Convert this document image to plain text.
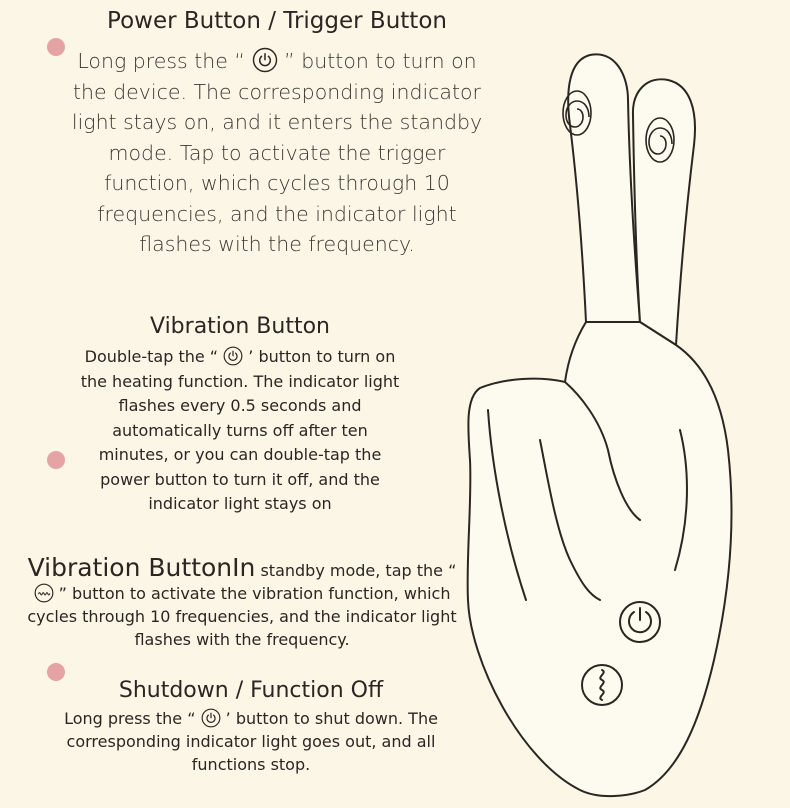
Power Button / Trigger Button
Long press the “ ” button to turn on the device. The corresponding indicator light stays on, and it enters the standby mode. Tap to activate the trigger function, which cycles through 10 frequencies, and the indicator light flashes with the frequency.
Vibration Button
Double-tap the “ ’ button to turn on the heating function. The indicator light flashes every 0.5 seconds and automatically turns off after ten minutes, or you can double-tap the power button to turn it off, and the indicator light stays on
Vibration ButtonIn standby mode, tap the “
” button to activate the vibration function, which cycles through 10 frequencies, and the indicator light flashes with the frequency.
Shutdown / Function Off
Long press the “ ’ button to shut down. The corresponding indicator light goes out, and all functions stop.
